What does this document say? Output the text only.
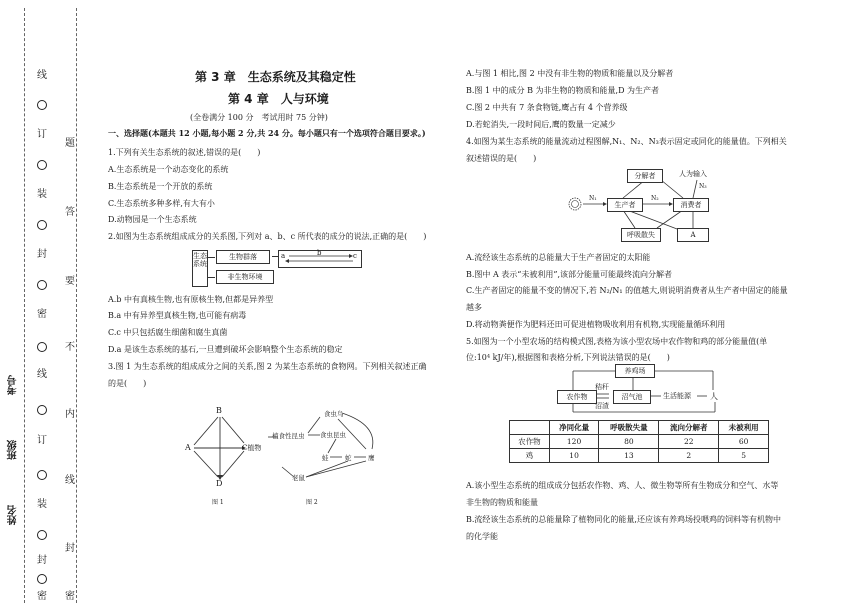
线
订
装
封
密
线
订
装
封
密
题
答
要
不
内
线
封
密
考号
班级
姓名
第 3 章　生态系统及其稳定性
第 4 章　人与环境
(全卷满分 100 分　考试用时 75 分钟)
一、选择题(本题共 12 小题,每小题 2 分,共 24 分。每小题只有一个选项符合题目要求。)
1.下列有关生态系统的叙述,错误的是(　　)
A.生态系统是一个动态变化的系统
B.生态系统是一个开放的系统
C.生态系统多种多样,有大有小
D.动物园是一个生态系统
2.如图为生态系统组成成分的关系图,下列对 a、b、c 所代表的成分的说法,正确的是(　　)
生态系统
生物群落
非生物环境
a	b	c
A.b 中有真核生物,也有原核生物,但都是异养型
B.a 中有异养型真核生物,也可能有病毒
C.c 中只包括腐生细菌和腐生真菌
D.a 是该生态系统的基石,一旦遭到破坏会影响整个生态系统的稳定
3.图 1 为生态系统的组成成分之间的关系,图 2 为某生态系统的食物网。下列相关叙述正确
的是(　　)
B
A	C植物
D
图 1
植食性昆虫
食虫鸟
食虫昆虫
蛙	蛇	鹰
老鼠
图 2
A.与图 1 相比,图 2 中没有非生物的物质和能量以及分解者
B.图 1 中的成分 B 为非生物的物质和能量,D 为生产者
C.图 2 中共有 7 条食物链,鹰占有 4 个营养级
D.若蛇消失,一段时间后,鹰的数量一定减少
4.如图为某生态系统的能量流动过程图解,N₁、N₂、N₃表示固定或同化的能量值。下列相关
叙述错误的是(　　)
分解者	人为输入
N₃
N₁	N₂
生产者	消费者
呼吸散失	A
A.流经该生态系统的总能量大于生产者固定的太阳能
B.图中 A 表示“未被利用”,该部分能量可能最终流向分解者
C.生产者固定的能量不变的情况下,若 N₂/N₁ 的值越大,则说明消费者从生产者中固定的能量
越多
D.将动物粪便作为肥料还田可促进植物吸收利用有机物,实现能量循环利用
5.如图为一个小型农场的结构模式图,表格为该小型农场中农作物和鸡的部分能量值(单
位:10⁴ kJ/年),根据图和表格分析,下列说法错误的是(　　)
养鸡场
农作物
秸秆
沼渣
沼气池	生活能源 人
	净同化量	呼吸散失量	流向分解者	未被利用
农作物	120	80	22	60
鸡	10	13	2	5
A.该小型生态系统的组成成分包括农作物、鸡、人、微生物等所有生物成分和空气、水等
非生物的物质和能量
B.流经该生态系统的总能量除了植物同化的能量,还应该有养鸡场投喂鸡的饲料等有机物中
的化学能
